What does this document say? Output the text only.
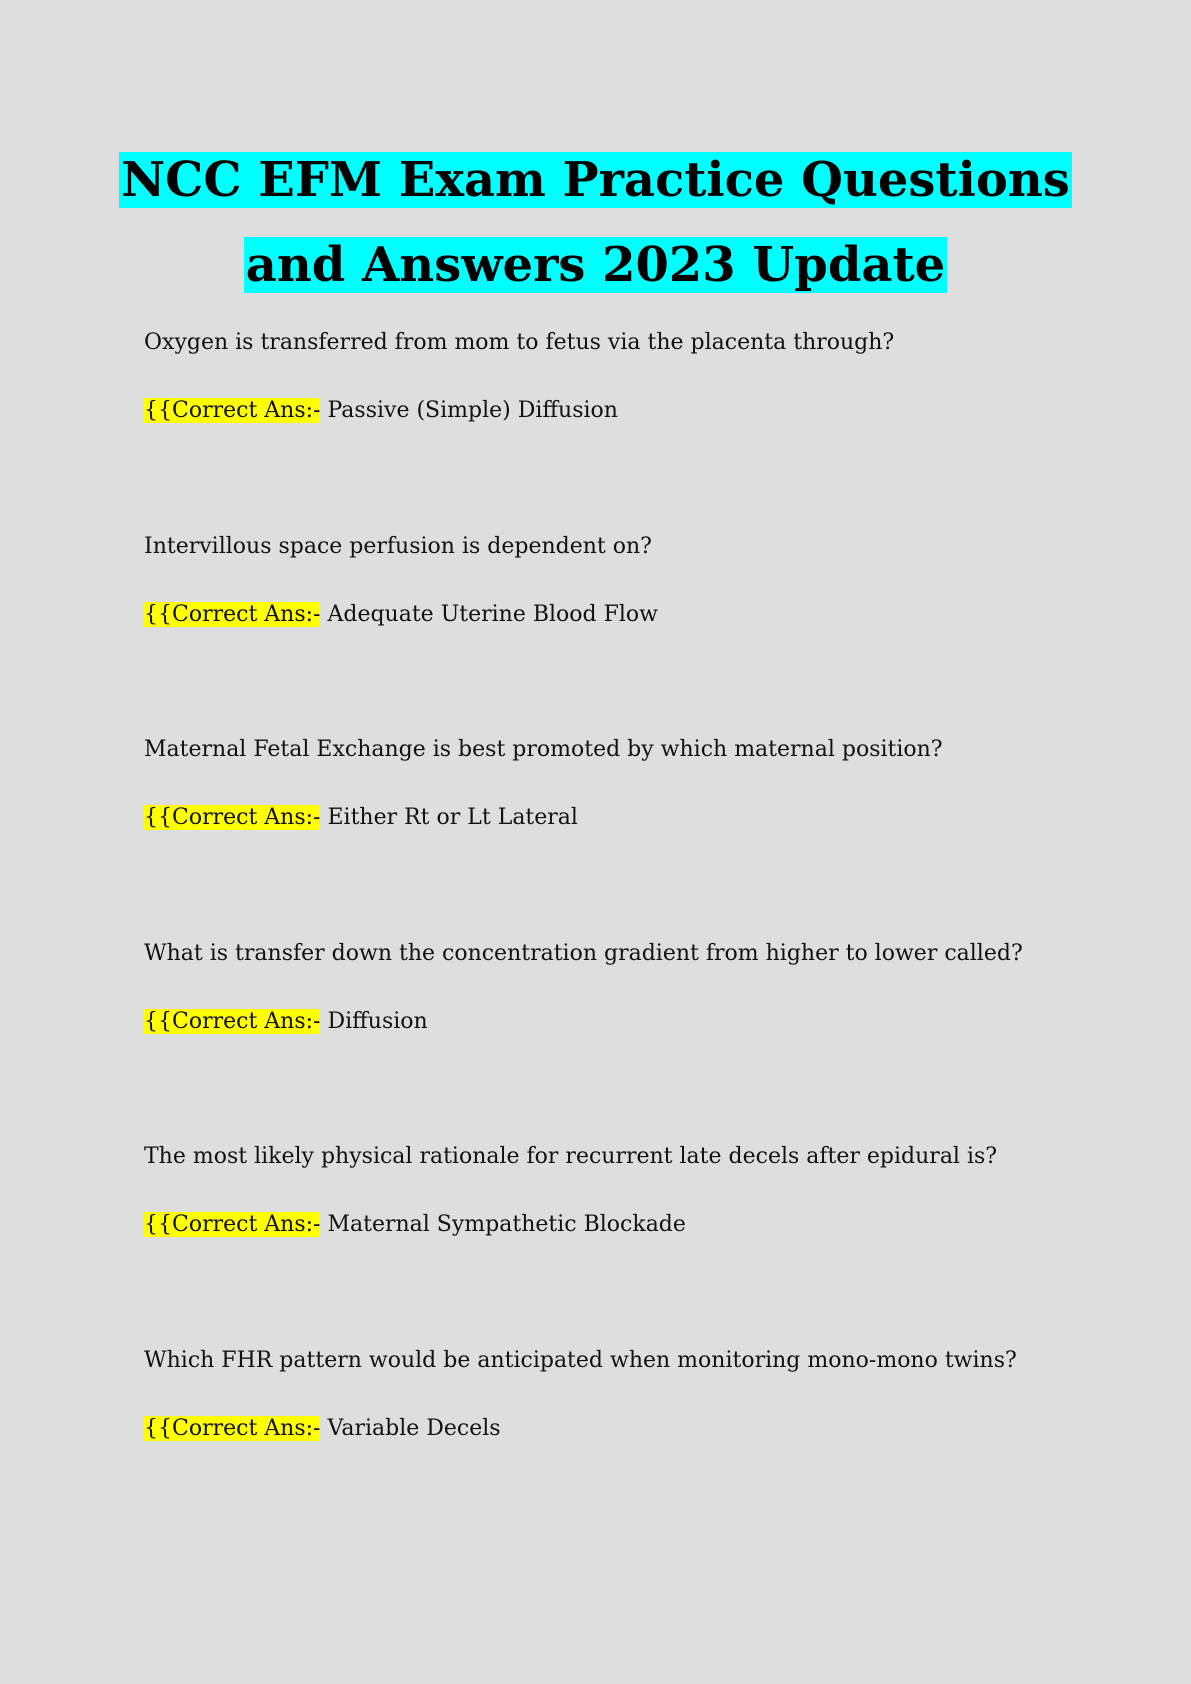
NCC EFM Exam Practice Questions
and Answers 2023 Update
Oxygen is transferred from mom to fetus via the placenta through?
{{Correct Ans:- Passive (Simple) Diffusion
Intervillous space perfusion is dependent on?
{{Correct Ans:- Adequate Uterine Blood Flow
Maternal Fetal Exchange is best promoted by which maternal position?
{{Correct Ans:- Either Rt or Lt Lateral
What is transfer down the concentration gradient from higher to lower called?
{{Correct Ans:- Diffusion
The most likely physical rationale for recurrent late decels after epidural is?
{{Correct Ans:- Maternal Sympathetic Blockade
Which FHR pattern would be anticipated when monitoring mono-mono twins?
{{Correct Ans:- Variable Decels
